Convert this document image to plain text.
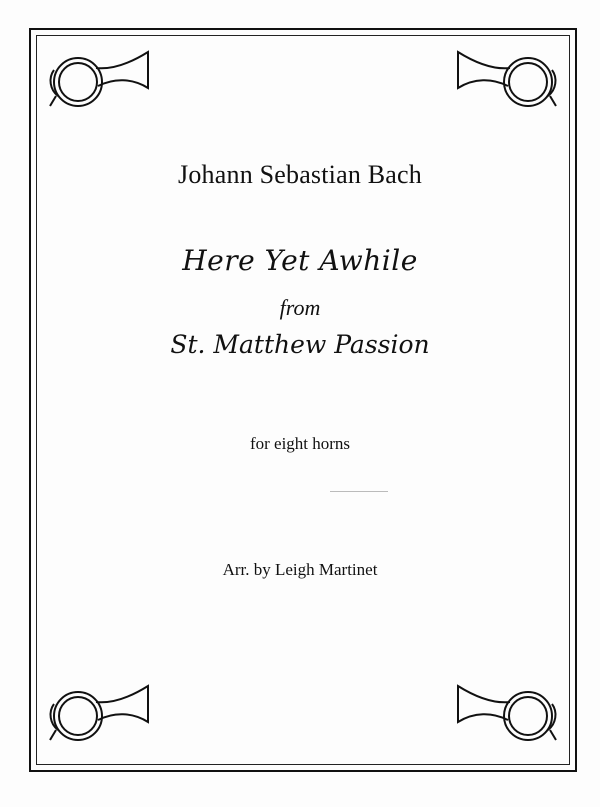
Johann Sebastian Bach
Here Yet Awhile
from
St. Matthew Passion
for eight horns
Arr. by Leigh Martinet
